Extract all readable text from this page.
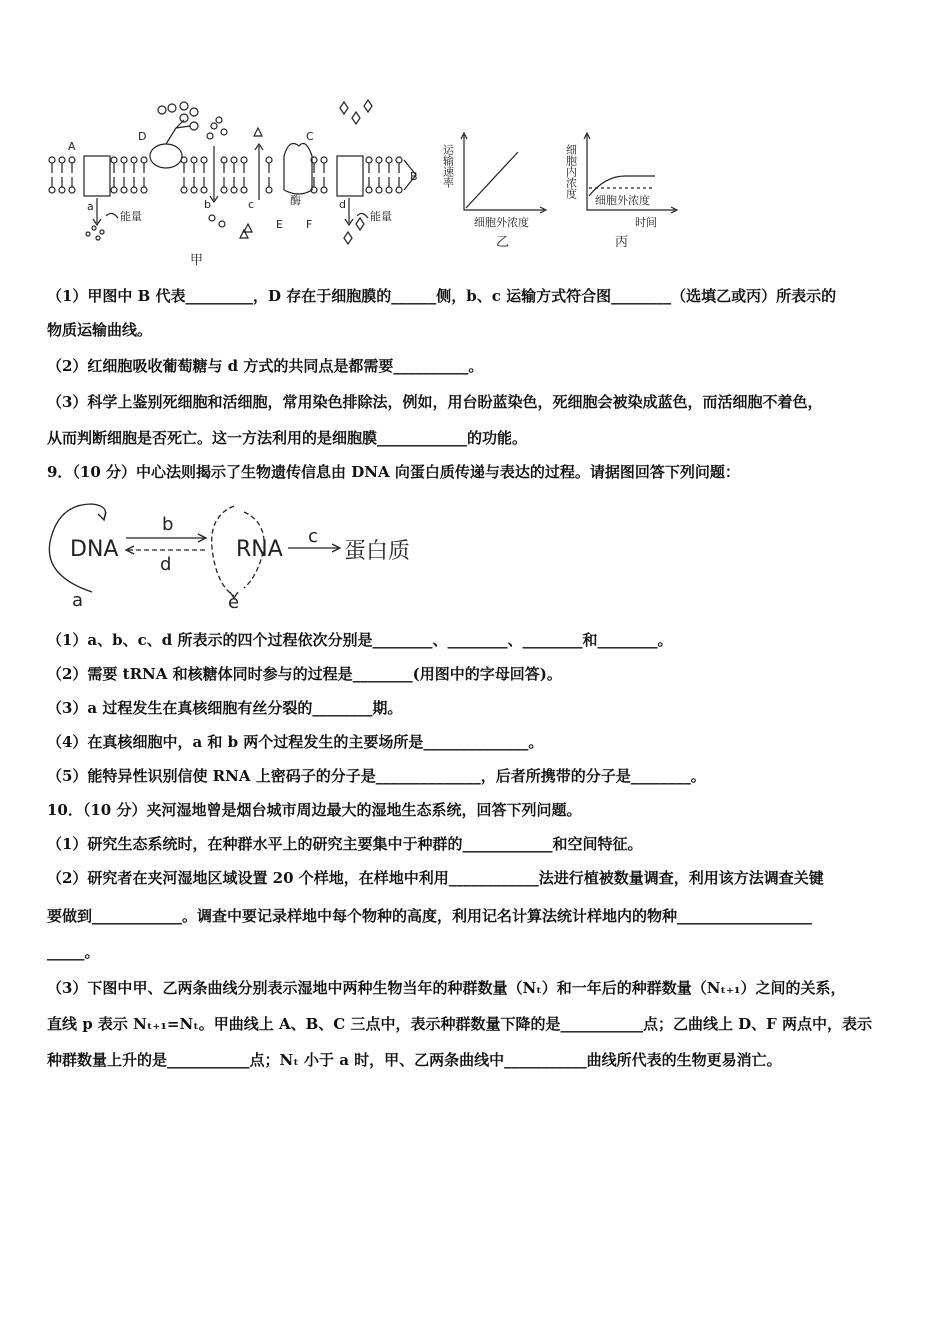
A
D	C
B
a	b	c	d
E F
能量	能量
酶
甲
运输速率
细胞外浓度
乙
细胞内浓度
细胞外浓度
时间
丙
（1）甲图中 B 代表_________，D 存在于细胞膜的______侧，b、c 运输方式符合图________（选填乙或丙）所表示的
物质运输曲线。
（2）红细胞吸收葡萄糖与 d 方式的共同点是都需要__________。
（3）科学上鉴别死细胞和活细胞，常用染色排除法，例如，用台盼蓝染色，死细胞会被染成蓝色，而活细胞不着色，
从而判断细胞是否死亡。这一方法利用的是细胞膜____________的功能。
9．（10 分）中心法则揭示了生物遗传信息由 DNA 向蛋白质传递与表达的过程。请据图回答下列问题：
DNA	RNA	蛋白质
a
b
c
d
e
（1）a、b、c、d 所表示的四个过程依次分别是________、________、________和________。
（2）需要 tRNA 和核糖体同时参与的过程是________(用图中的字母回答)。
（3）a 过程发生在真核细胞有丝分裂的________期。
（4）在真核细胞中，a 和 b 两个过程发生的主要场所是______________。
（5）能特异性识别信使 RNA 上密码子的分子是______________，后者所携带的分子是________。
10．（10 分）夹河湿地曾是烟台城市周边最大的湿地生态系统，回答下列问题。
（1）研究生态系统时，在种群水平上的研究主要集中于种群的____________和空间特征。
（2）研究者在夹河湿地区域设置 20 个样地，在样地中利用____________法进行植被数量调查，利用该方法调查关键
要做到____________。调查中要记录样地中每个物种的高度，利用记名计算法统计样地内的物种__________________
_____。
（3）下图中甲、乙两条曲线分别表示湿地中两种生物当年的种群数量（Nₜ）和一年后的种群数量（Nₜ₊₁）之间的关系，
直线 p 表示 Nₜ₊₁=Nₜ。甲曲线上 A、B、C 三点中，表示种群数量下降的是___________点；乙曲线上 D、F 两点中，表示
种群数量上升的是___________点；Nₜ 小于 a 时，甲、乙两条曲线中___________曲线所代表的生物更易消亡。
